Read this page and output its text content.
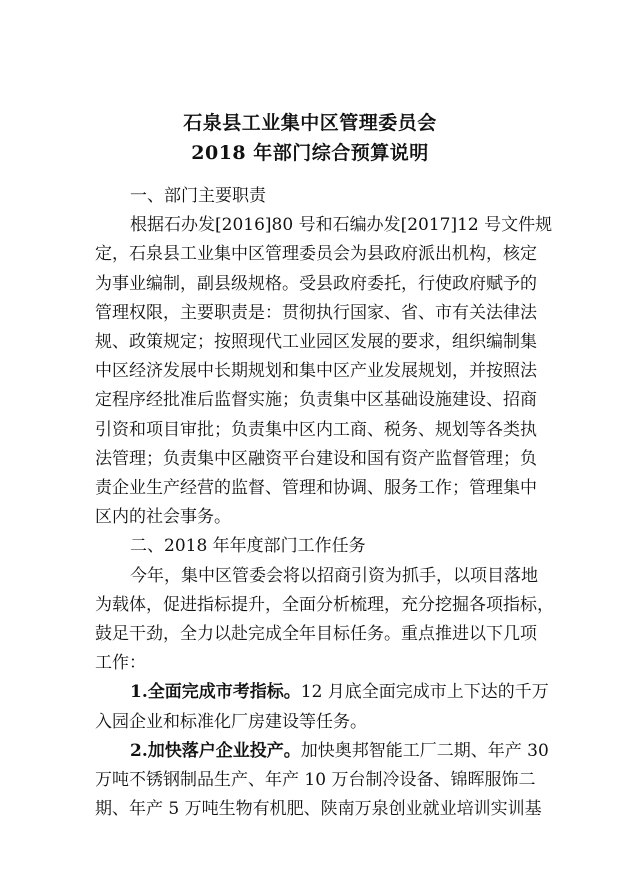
石泉县工业集中区管理委员会
2018 年部门综合预算说明
一、部门主要职责
根据石办发[2016]80 号和石编办发[2017]12 号文件规
定，石泉县工业集中区管理委员会为县政府派出机构，核定
为事业编制，副县级规格。受县政府委托，行使政府赋予的
管理权限，主要职责是：贯彻执行国家、省、市有关法律法
规、政策规定；按照现代工业园区发展的要求，组织编制集
中区经济发展中长期规划和集中区产业发展规划，并按照法
定程序经批准后监督实施；负责集中区基础设施建设、招商
引资和项目审批；负责集中区内工商、税务、规划等各类执
法管理；负责集中区融资平台建设和国有资产监督管理；负
责企业生产经营的监督、管理和协调、服务工作；管理集中
区内的社会事务。
二、2018 年年度部门工作任务
今年，集中区管委会将以招商引资为抓手，以项目落地
为载体，促进指标提升，全面分析梳理，充分挖掘各项指标，
鼓足干劲，全力以赴完成全年目标任务。重点推进以下几项
工作：
1.全面完成市考指标。12 月底全面完成市上下达的千万
入园企业和标准化厂房建设等任务。
2.加快落户企业投产。加快奥邦智能工厂二期、年产 30
万吨不锈钢制品生产、年产 10 万台制冷设备、锦晖服饰二
期、年产 5 万吨生物有机肥、陕南万泉创业就业培训实训基
